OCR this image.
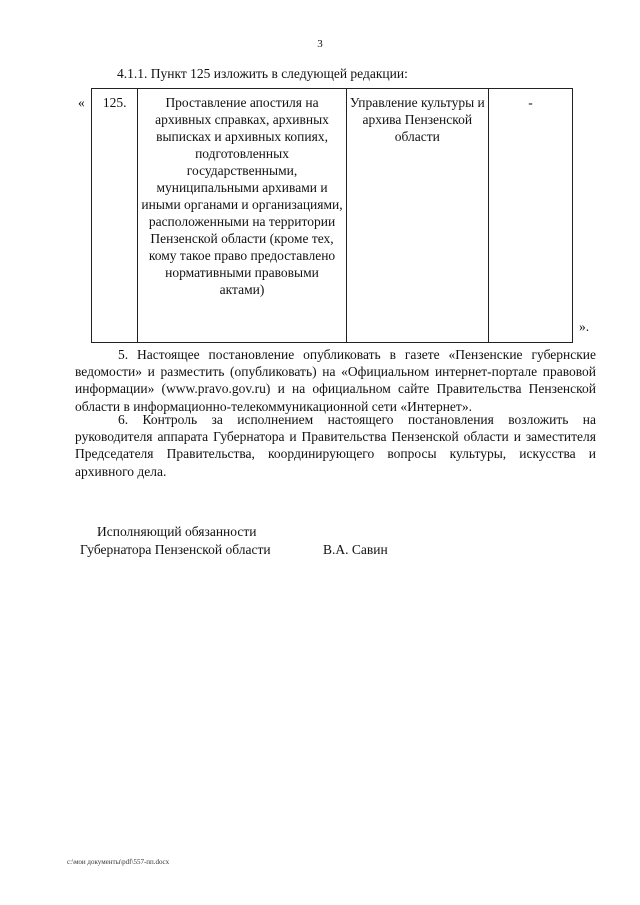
3
4.1.1. Пункт 125 изложить в следующей редакции:
« 125.	Проставление апостиля на архивных справках, архивных выписках и архивных копиях, подготовленных государственными, муниципальными архивами и иными органами и организациями, расположенными на территории Пензенской области (кроме тех, кому такое право предоставлено нормативными правовыми актами)	Управление культуры и архива Пензенской области	-
».

5. Настоящее постановление опубликовать в газете «Пензенские губернские ведомости» и разместить (опубликовать) на «Официальном интернет-портале правовой информации» (www.pravo.gov.ru) и на официальном сайте Правительства Пензенской области в информационно-телекоммуникационной сети «Интернет».

6. Контроль за исполнением настоящего постановления возложить на руководителя аппарата Губернатора и Правительства Пензенской области и заместителя Председателя Правительства, координирующего вопросы культуры, искусства и архивного дела.

Исполняющий обязанности
Губернатора Пензенской области	В.А. Савин
c:\мои документы\pdf\557-пп.docx
